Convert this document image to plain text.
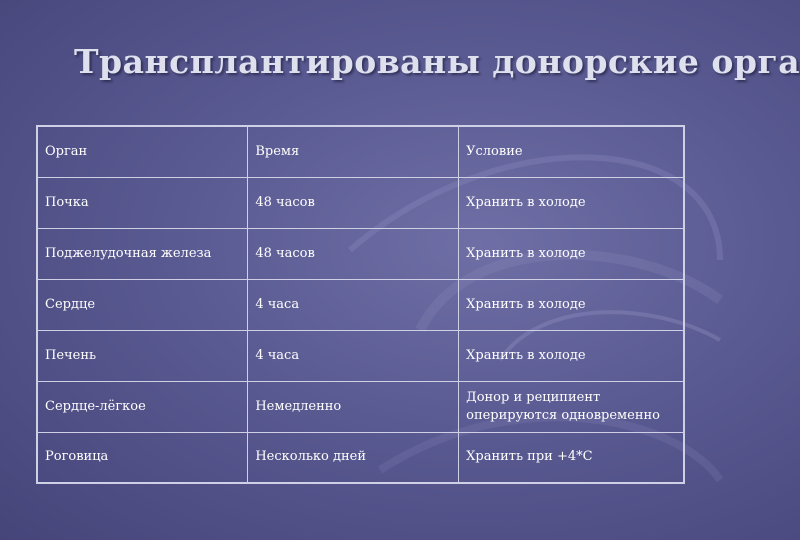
Трансплантированы донорские орга
Орган	Время	Условие
Почка	48 часов	Хранить в холоде
Поджелудочная железа	48 часов	Хранить в холоде
Сердце	4 часа	Хранить в холоде
Печень	4 часа	Хранить в холоде
Сердце-лёгкое	Немедленно	Донор и реципиент оперируются одновременно
Роговица	Несколько дней	Хранить при +4*С
